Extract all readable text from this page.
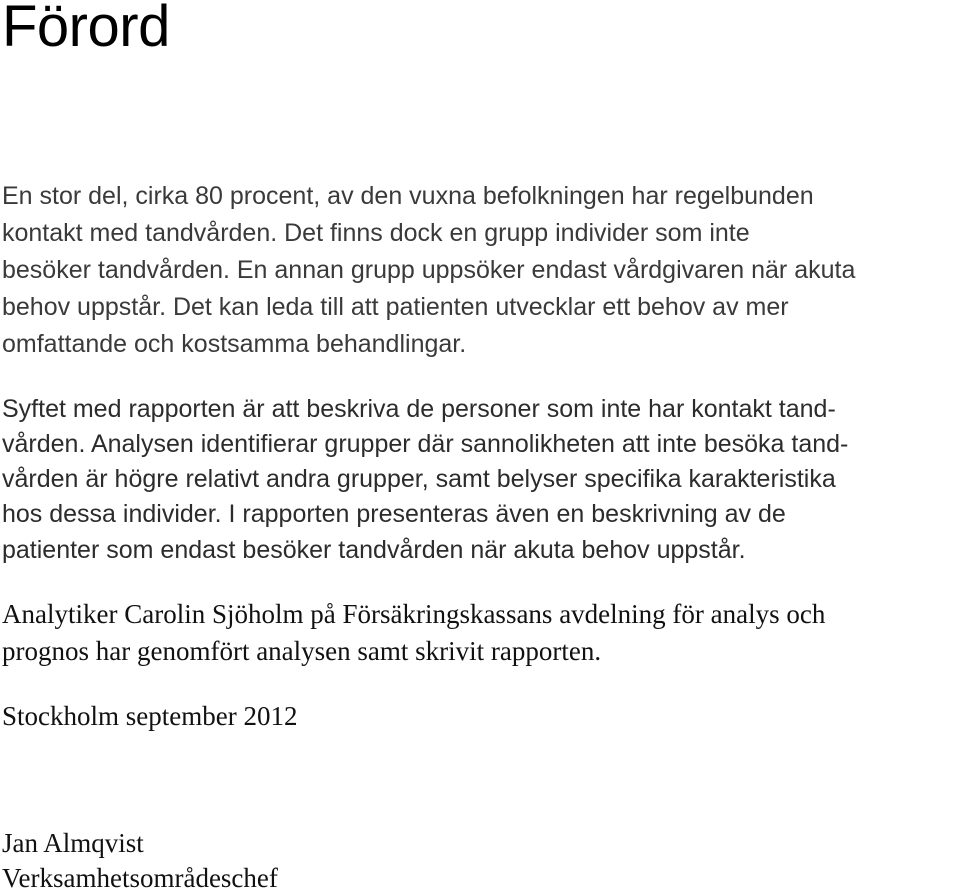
Förord
En stor del, cirka 80 procent, av den vuxna befolkningen har regelbunden
kontakt med tandvården. Det finns dock en grupp individer som inte
besöker tandvården. En annan grupp uppsöker endast vårdgivaren när akuta
behov uppstår. Det kan leda till att patienten utvecklar ett behov av mer
omfattande och kostsamma behandlingar.
Syftet med rapporten är att beskriva de personer som inte har kontakt tand-
vården. Analysen identifierar grupper där sannolikheten att inte besöka tand-
vården är högre relativt andra grupper, samt belyser specifika karakteristika
hos dessa individer. I rapporten presenteras även en beskrivning av de
patienter som endast besöker tandvården när akuta behov uppstår.
Analytiker Carolin Sjöholm på Försäkringskassans avdelning för analys och
prognos har genomfört analysen samt skrivit rapporten.
Stockholm september 2012
Jan Almqvist
Verksamhetsområdeschef
